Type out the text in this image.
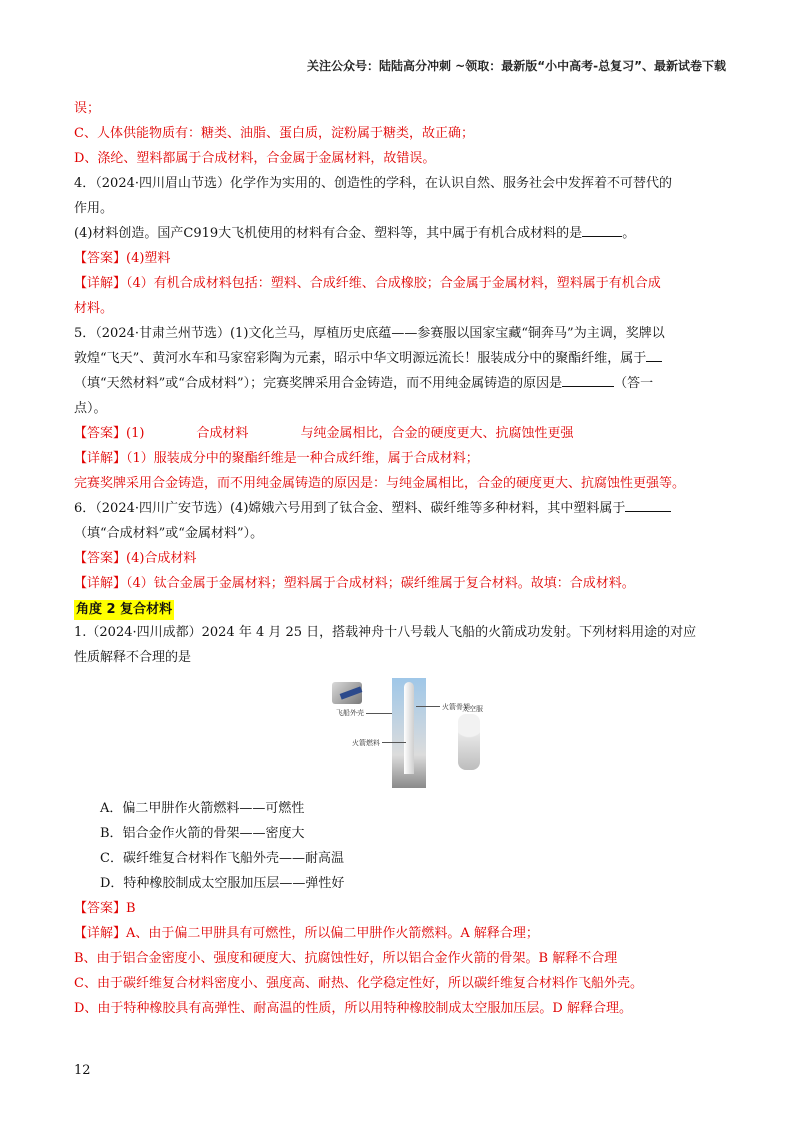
关注公众号：陆陆高分冲刺 ~领取：最新版“小中高考-总复习”、最新试卷下载

误；

C、人体供能物质有：糖类、油脂、蛋白质，淀粉属于糖类，故正确；

D、涤纶、塑料都属于合成材料，合金属于金属材料，故错误。

4．（2024·四川眉山节选）化学作为实用的、创造性的学科，在认识自然、服务社会中发挥着不可替代的

作用。

(4)材料创造。国产C919大飞机使用的材料有合金、塑料等，其中属于有机合成材料的是	。

【答案】(4)塑料

【详解】（4）有机合成材料包括：塑料、合成纤维、合成橡胶；合金属于金属材料，塑料属于有机合成

材料。

5．（2024·甘肃兰州节选）(1)文化兰马，厚植历史底蕴——参赛服以国家宝藏“铜奔马”为主调，奖牌以

敦煌“飞天”、黄河水车和马家窑彩陶为元素，昭示中华文明源远流长！服装成分中的聚酯纤维，属于

（填“天然材料”或“合成材料”）；完赛奖牌采用合金铸造，而不用纯金属铸造的原因是	（答一

点）。

【答案】(1)	合成材料	与纯金属相比，合金的硬度更大、抗腐蚀性更强

【详解】（1）服装成分中的聚酯纤维是一种合成纤维，属于合成材料；

完赛奖牌采用合金铸造，而不用纯金属铸造的原因是：与纯金属相比，合金的硬度更大、抗腐蚀性更强等。

6．（2024·四川广安节选）(4)嫦娥六号用到了钛合金、塑料、碳纤维等多种材料，其中塑料属于

（填“合成材料”或“金属材料”）。

【答案】(4)合成材料

【详解】（4）钛合金属于金属材料；塑料属于合成材料；碳纤维属于复合材料。故填：合成材料。

角度 2 复合材料

1.（2024·四川成都）2024 年 4 月 25 日，搭载神舟十八号载人飞船的火箭成功发射。下列材料用途的对应

性质解释不合理的是

飞船外壳
火箭骨架
火箭燃料
太空服

A．偏二甲肼作火箭燃料——可燃性

B．铝合金作火箭的骨架——密度大

C．碳纤维复合材料作飞船外壳——耐高温

D．特种橡胶制成太空服加压层——弹性好

【答案】B

【详解】A、由于偏二甲肼具有可燃性，所以偏二甲肼作火箭燃料。A 解释合理；

B、由于铝合金密度小、强度和硬度大、抗腐蚀性好，所以铝合金作火箭的骨架。B 解释不合理

C、由于碳纤维复合材料密度小、强度高、耐热、化学稳定性好，所以碳纤维复合材料作飞船外壳。

D、由于特种橡胶具有高弹性、耐高温的性质，所以用特种橡胶制成太空服加压层。D 解释合理。

12
